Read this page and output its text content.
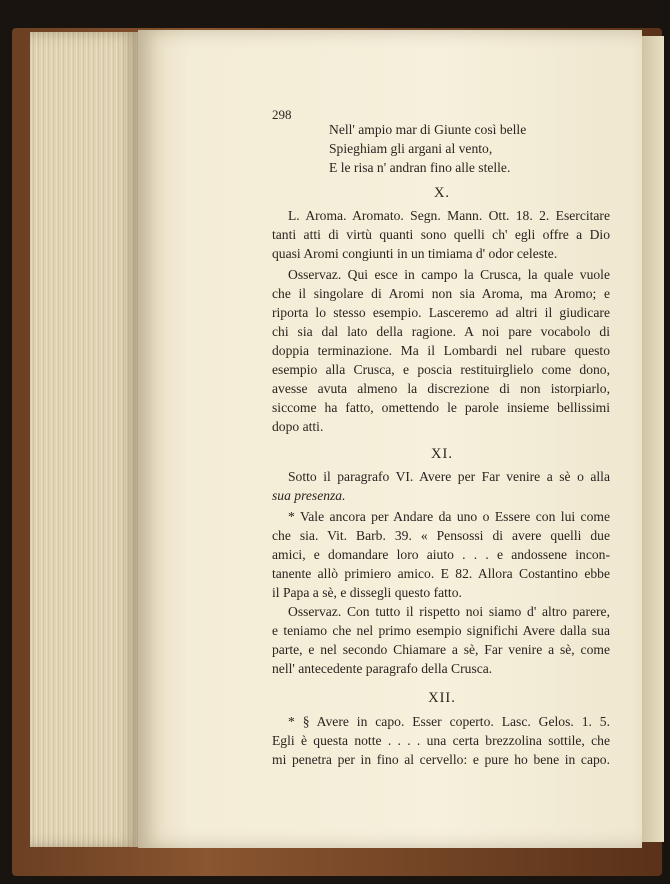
298
Nell' ampio mar di Giunte così belle
Spieghiam gli argani al vento,
E le risa n' andran fino alle stelle.
X.
L. Aroma. Aromato. Segn. Mann. Ott. 18. 2. Esercitare
tanti atti di virtù quanti sono quelli ch' egli offre a Dio
quasi Aromi congiunti in un timiama d' odor celeste.
Osservaz. Qui esce in campo la Crusca, la quale vuole
che il singolare di Aromi non sia Aroma, ma Aromo; e
riporta lo stesso esempio. Lasceremo ad altri il giudicare
chi sia dal lato della ragione. A noi pare vocabolo di
doppia terminazione. Ma il Lombardi nel rubare questo
esempio alla Crusca, e poscia restituirglielo come dono,
avesse avuta almeno la discrezione di non istorpiarlo,
siccome ha fatto, omettendo le parole insieme bellissimi
dopo atti.
XI.
Sotto il paragrafo VI. Avere per Far venire a sè o alla
sua presenza.
* Vale ancora per Andare da uno o Essere con lui come
che sia. Vit. Barb. 39. « Pensossi di avere quelli due
amici, e domandare loro aiuto . . . e andossene incon-
tanente allò primiero amico. E 82. Allora Costantino ebbe
il Papa a sè, e dissegli questo fatto.
Osservaz. Con tutto il rispetto noi siamo d' altro parere,
e teniamo che nel primo esempio significhi Avere dalla sua
parte, e nel secondo Chiamare a sè, Far venire a sè, come
nell' antecedente paragrafo della Crusca.
XII.
* § Avere in capo. Esser coperto. Lasc. Gelos. 1. 5.
Egli è questa notte . . . . una certa brezzolina sottile, che
mi penetra per in fino al cervello: e pure ho bene in capo.
